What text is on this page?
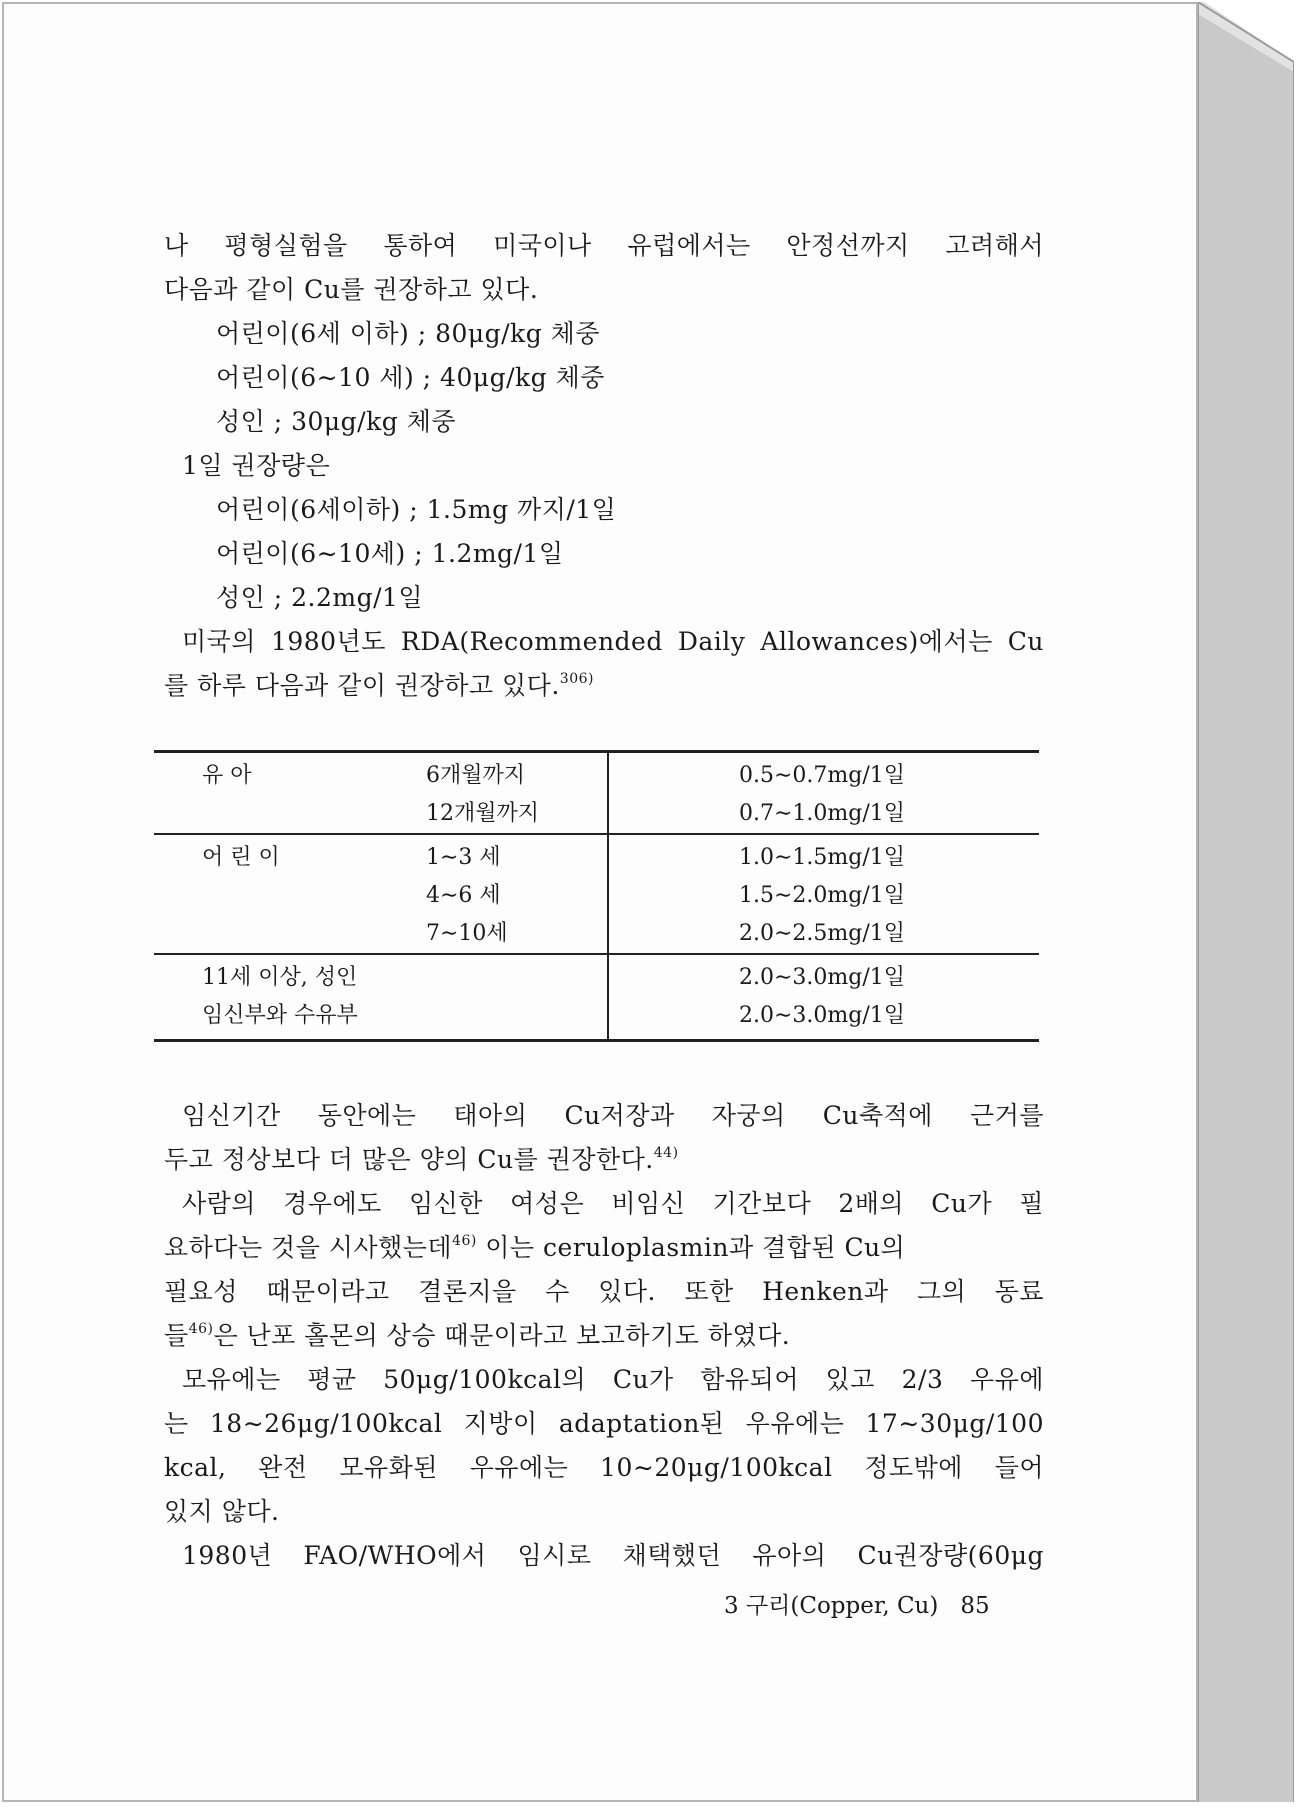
나 평형실험을 통하여 미국이나 유럽에서는 안정선까지 고려해서
다음과 같이 Cu를 권장하고 있다.
어린이(6세 이하) ; 80μg/kg 체중
어린이(6∼10 세) ; 40μg/kg 체중
성인 ; 30μg/kg 체중
1일 권장량은
어린이(6세이하) ; 1.5mg 까지/1일
어린이(6∼10세) ; 1.2mg/1일
성인 ; 2.2mg/1일
미국의 1980년도 RDA(Recommended Daily Allowances)에서는 Cu
를 하루 다음과 같이 권장하고 있다.$^{306)}$
유 아	6개월까지	0.5∼0.7mg/1일
12개월까지	0.7∼1.0mg/1일
어 린 이	1∼3 세	1.0∼1.5mg/1일
4∼6 세	1.5∼2.0mg/1일
7∼10세	2.0∼2.5mg/1일
11세 이상, 성인	2.0∼3.0mg/1일
임신부와 수유부	2.0∼3.0mg/1일
임신기간 동안에는 태아의 Cu저장과 자궁의 Cu축적에 근거를
두고 정상보다 더 많은 양의 Cu를 권장한다.$^{44)}$
사람의 경우에도 임신한 여성은 비임신 기간보다 2배의 Cu가 필
요하다는 것을 시사했는데$^{46)}$ 이는 ceruloplasmin과 결합된 Cu의
필요성 때문이라고 결론지을 수 있다. 또한 Henken과 그의 동료
들$^{46)}$은 난포 홀몬의 상승 때문이라고 보고하기도 하였다.
모유에는 평균 50μg/100kcal의 Cu가 함유되어 있고 2/3 우유에
는 18∼26μg/100kcal 지방이 adaptation된 우유에는 17∼30μg/100
kcal, 완전 모유화된 우유에는 10∼20μg/100kcal 정도밖에 들어
있지 않다.
1980년 FAO/WHO에서 임시로 채택했던 유아의 Cu권장량(60μg
3 구리(Copper, Cu) 85
